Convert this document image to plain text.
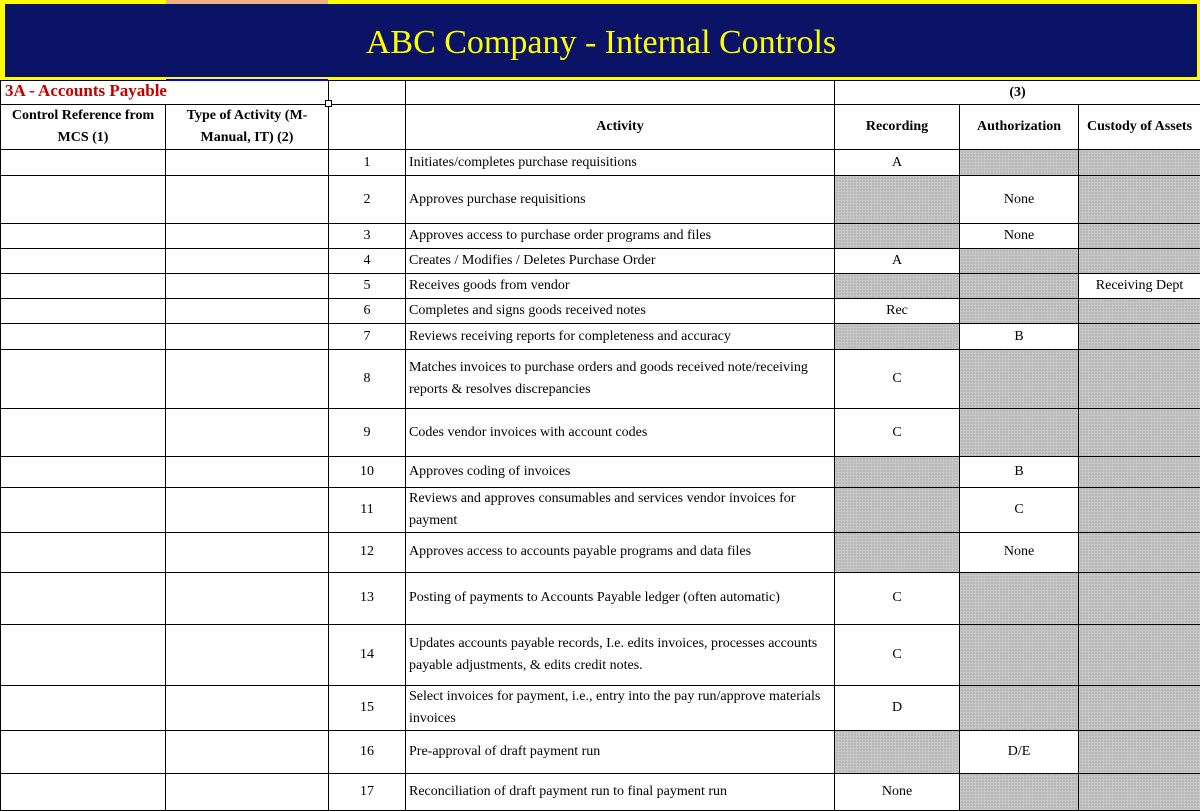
ABC Company - Internal Controls
				(3)		
Control Reference from MCS (1)	Type of Activity (M-Manual, IT) (2)		Activity	Recording	Authorization	Custody of Assets
		1	Initiates/completes purchase requisitions	A		
		2	Approves purchase requisitions		None	
		3	Approves access to purchase order programs and files		None	
		4	Creates / Modifies / Deletes Purchase Order	A		
		5	Receives goods from vendor			Receiving Dept
		6	Completes and signs goods received notes	Rec		
		7	Reviews receiving reports for completeness and accuracy		B	
		8	Matches invoices to purchase orders and goods received note/receiving reports & resolves discrepancies	C		
		9	Codes vendor invoices with account codes	C		
		10	Approves coding of invoices		B	
		11	Reviews and approves consumables and services vendor invoices for payment		C	
		12	Approves access to accounts payable programs and data files		None	
		13	Posting of payments to Accounts Payable ledger (often automatic)	C		
		14	Updates accounts payable records, I.e. edits invoices, processes accounts payable adjustments, & edits credit notes.	C		
		15	Select invoices for payment, i.e., entry into the pay run/approve materials invoices	D		
		16	Pre-approval of draft payment run		D/E	
		17	Reconciliation of draft payment run to final payment run	None		
3A - Accounts Payable
